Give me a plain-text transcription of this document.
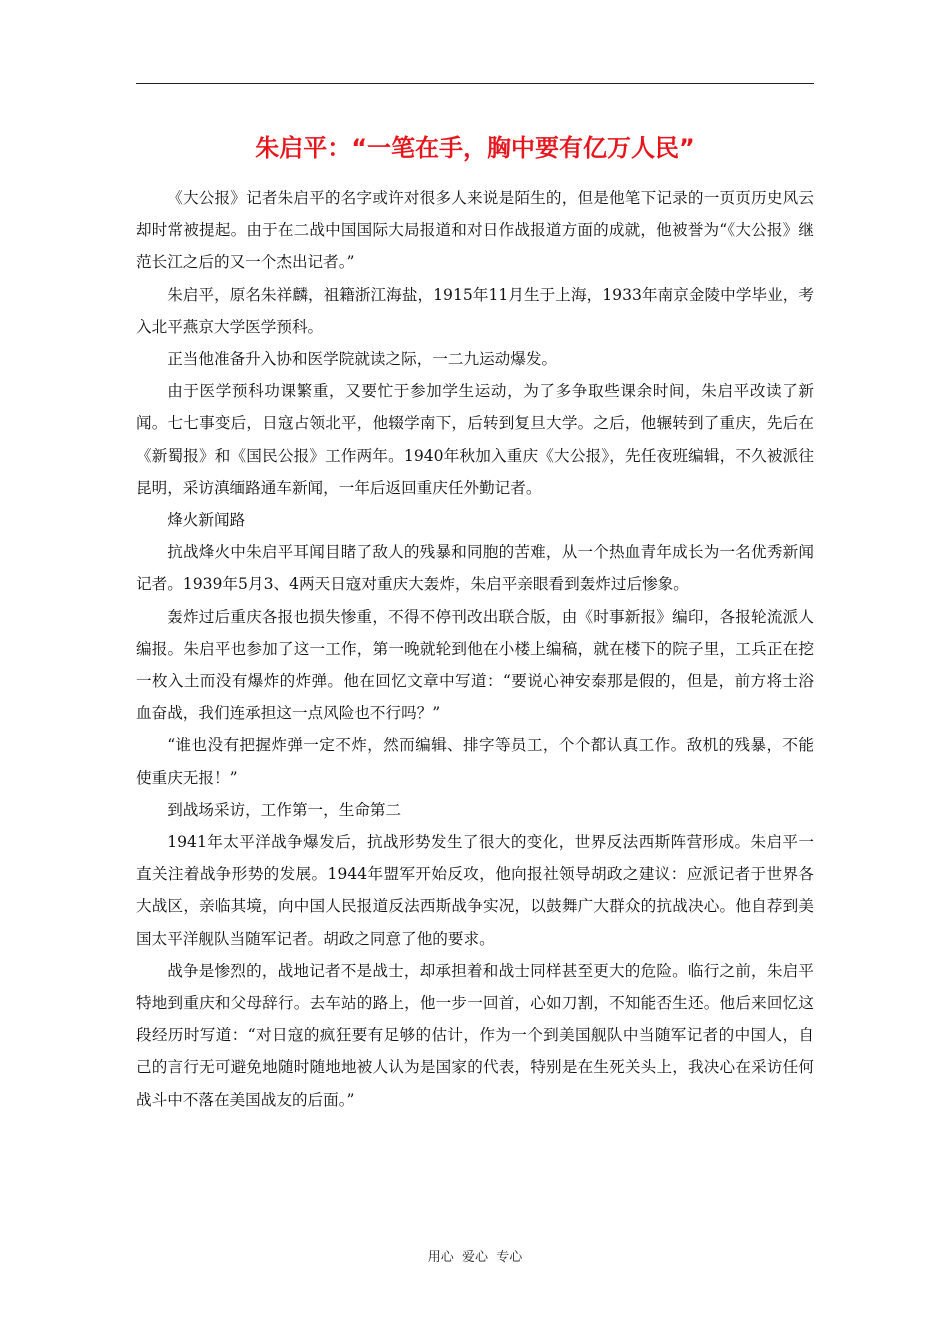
朱启平：“一笔在手，胸中要有亿万人民”

《大公报》记者朱启平的名字或许对很多人来说是陌生的，但是他笔下记录的一页页历史风云却时常被提起。由于在二战中国国际大局报道和对日作战报道方面的成就，他被誉为“《大公报》继范长江之后的又一个杰出记者。”

朱启平，原名朱祥麟，祖籍浙江海盐，1915年11月生于上海，1933年南京金陵中学毕业，考入北平燕京大学医学预科。

正当他准备升入协和医学院就读之际，一二九运动爆发。

由于医学预科功课繁重，又要忙于参加学生运动，为了多争取些课余时间，朱启平改读了新闻。七七事变后，日寇占领北平，他辍学南下，后转到复旦大学。之后，他辗转到了重庆，先后在《新蜀报》和《国民公报》工作两年。1940年秋加入重庆《大公报》，先任夜班编辑，不久被派往昆明，采访滇缅路通车新闻，一年后返回重庆任外勤记者。

烽火新闻路

抗战烽火中朱启平耳闻目睹了敌人的残暴和同胞的苦难，从一个热血青年成长为一名优秀新闻记者。1939年5月3、4两天日寇对重庆大轰炸，朱启平亲眼看到轰炸过后惨象。

轰炸过后重庆各报也损失惨重，不得不停刊改出联合版，由《时事新报》编印，各报轮流派人编报。朱启平也参加了这一工作，第一晚就轮到他在小楼上编稿，就在楼下的院子里，工兵正在挖一枚入土而没有爆炸的炸弹。他在回忆文章中写道：“要说心神安泰那是假的，但是，前方将士浴血奋战，我们连承担这一点风险也不行吗？”

“谁也没有把握炸弹一定不炸，然而编辑、排字等员工，个个都认真工作。敌机的残暴，不能使重庆无报！”

到战场采访，工作第一，生命第二

1941年太平洋战争爆发后，抗战形势发生了很大的变化，世界反法西斯阵营形成。朱启平一直关注着战争形势的发展。1944年盟军开始反攻，他向报社领导胡政之建议：应派记者于世界各大战区，亲临其境，向中国人民报道反法西斯战争实况，以鼓舞广大群众的抗战决心。他自荐到美国太平洋舰队当随军记者。胡政之同意了他的要求。

战争是惨烈的，战地记者不是战士，却承担着和战士同样甚至更大的危险。临行之前，朱启平特地到重庆和父母辞行。去车站的路上，他一步一回首，心如刀割，不知能否生还。他后来回忆这段经历时写道：“对日寇的疯狂要有足够的估计，作为一个到美国舰队中当随军记者的中国人，自己的言行无可避免地随时随地地被人认为是国家的代表，特别是在生死关头上，我决心在采访任何战斗中不落在美国战友的后面。”

用心  爱心  专心
